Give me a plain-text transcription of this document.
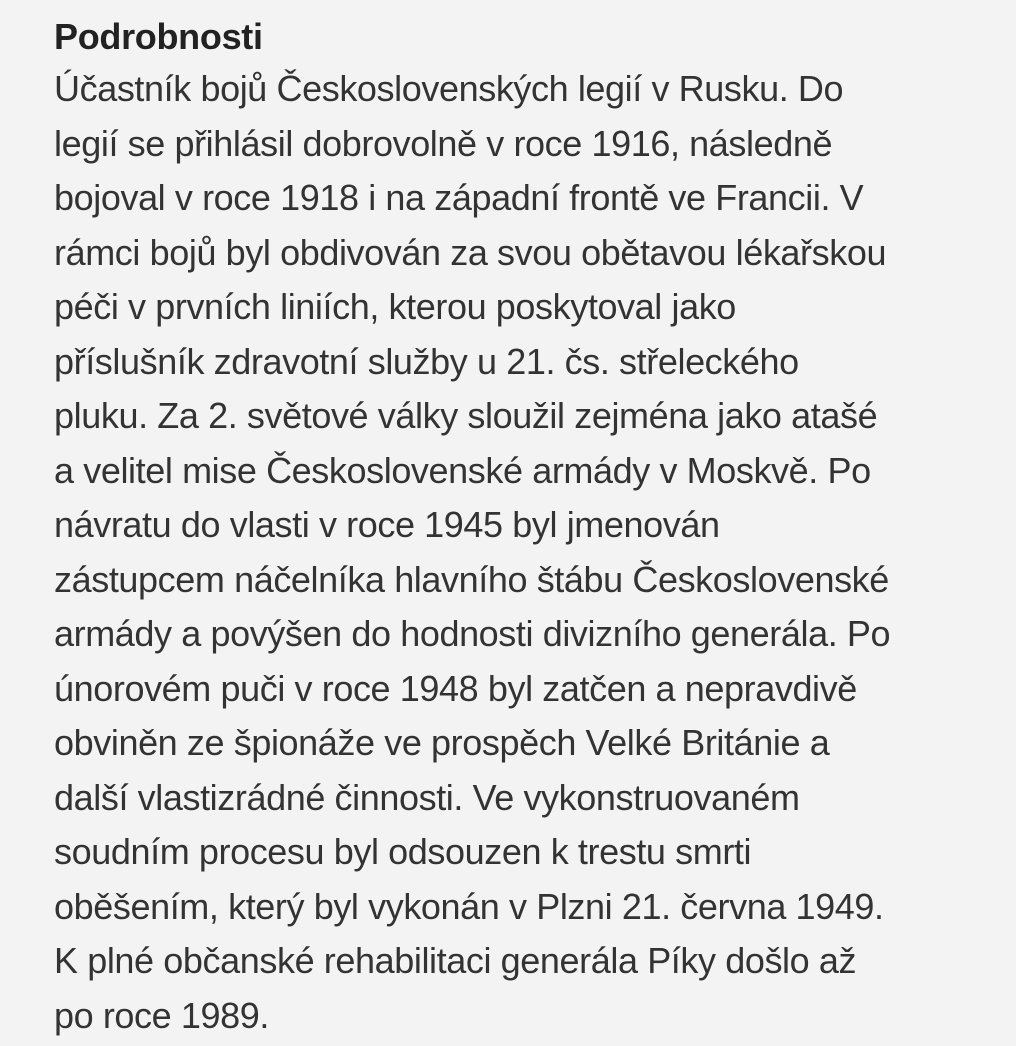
Podrobnosti

Účastník bojů Československých legií v Rusku. Do
legií se přihlásil dobrovolně v roce 1916, následně
bojoval v roce 1918 i na západní frontě ve Francii. V
rámci bojů byl obdivován za svou obětavou lékařskou
péči v prvních liniích, kterou poskytoval jako
příslušník zdravotní služby u 21. čs. střeleckého
pluku. Za 2. světové války sloužil zejména jako atašé
a velitel mise Československé armády v Moskvě. Po
návratu do vlasti v roce 1945 byl jmenován
zástupcem náčelníka hlavního štábu Československé
armády a povýšen do hodnosti divizního generála. Po
únorovém puči v roce 1948 byl zatčen a nepravdivě
obviněn ze špionáže ve prospěch Velké Británie a
další vlastizrádné činnosti. Ve vykonstruovaném
soudním procesu byl odsouzen k trestu smrti
oběšením, který byl vykonán v Plzni 21. června 1949.
K plné občanské rehabilitaci generála Píky došlo až
po roce 1989.
